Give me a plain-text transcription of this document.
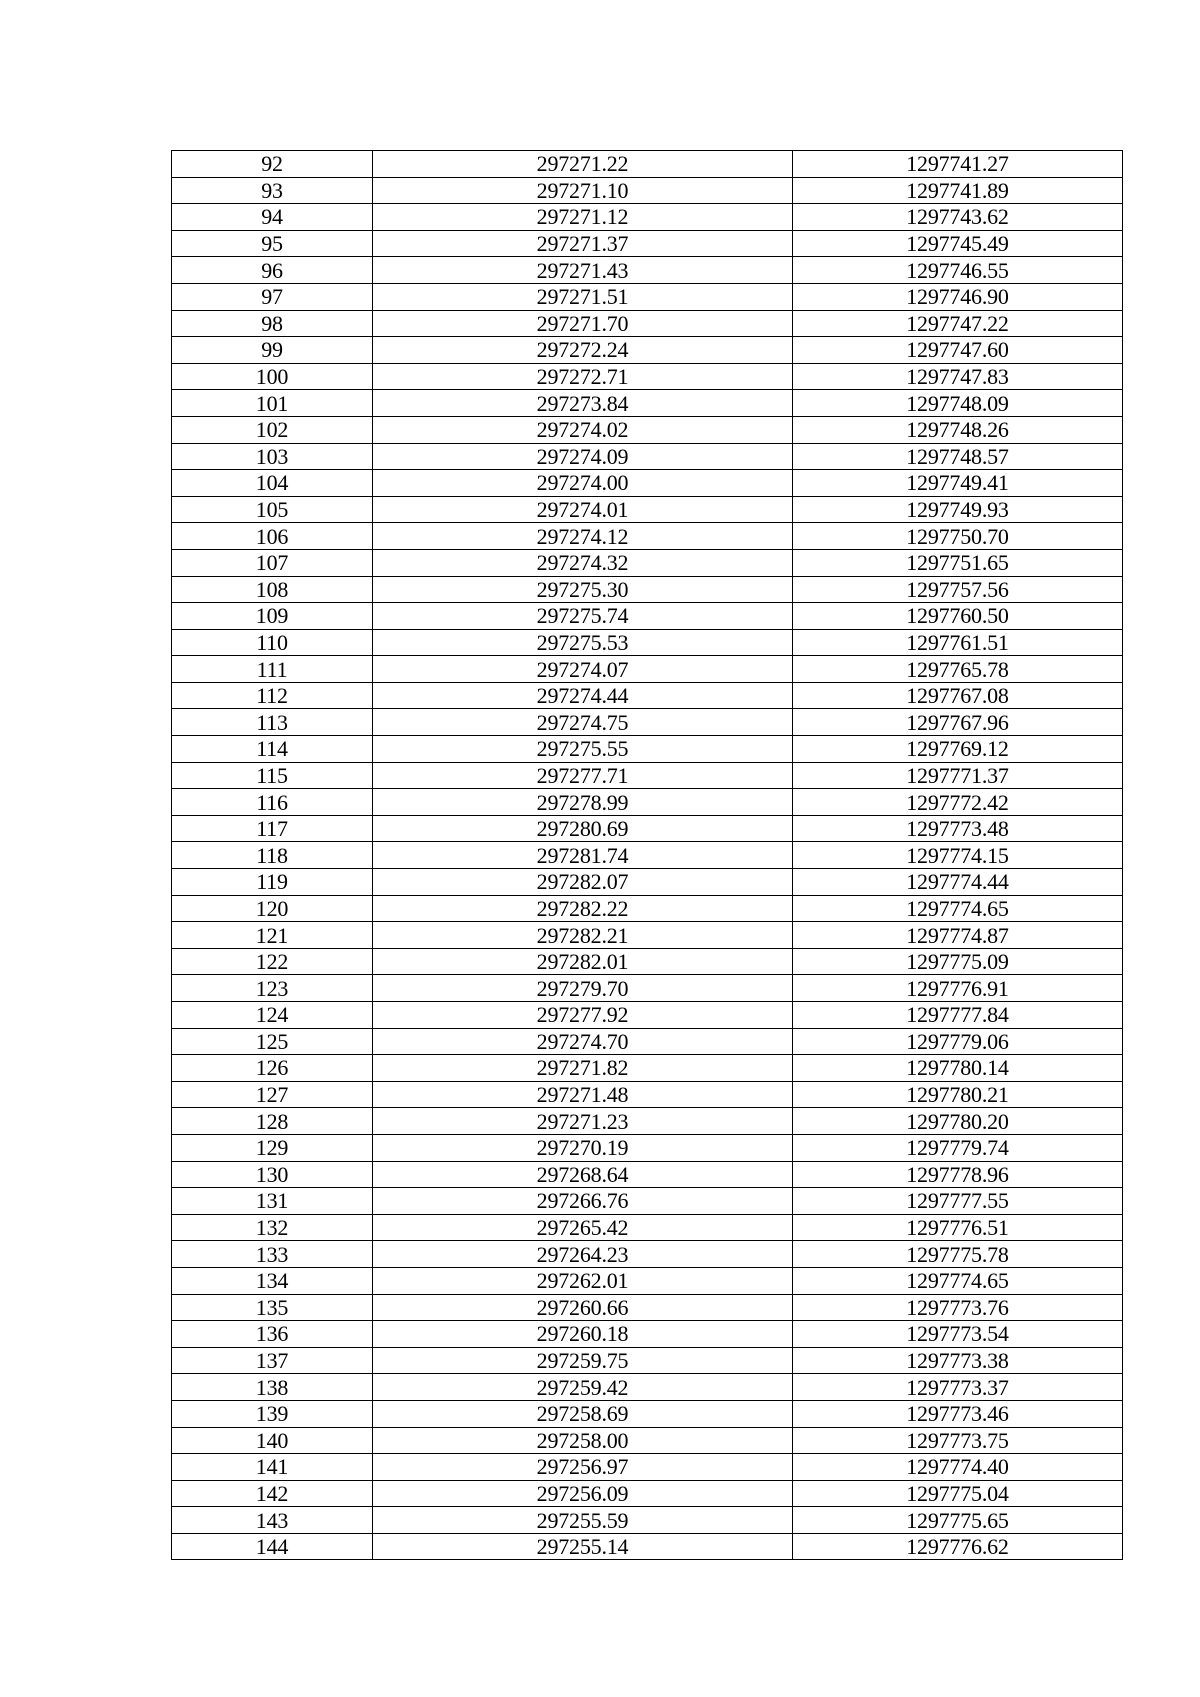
92	297271.22	1297741.27
93	297271.10	1297741.89
94	297271.12	1297743.62
95	297271.37	1297745.49
96	297271.43	1297746.55
97	297271.51	1297746.90
98	297271.70	1297747.22
99	297272.24	1297747.60
100	297272.71	1297747.83
101	297273.84	1297748.09
102	297274.02	1297748.26
103	297274.09	1297748.57
104	297274.00	1297749.41
105	297274.01	1297749.93
106	297274.12	1297750.70
107	297274.32	1297751.65
108	297275.30	1297757.56
109	297275.74	1297760.50
110	297275.53	1297761.51
111	297274.07	1297765.78
112	297274.44	1297767.08
113	297274.75	1297767.96
114	297275.55	1297769.12
115	297277.71	1297771.37
116	297278.99	1297772.42
117	297280.69	1297773.48
118	297281.74	1297774.15
119	297282.07	1297774.44
120	297282.22	1297774.65
121	297282.21	1297774.87
122	297282.01	1297775.09
123	297279.70	1297776.91
124	297277.92	1297777.84
125	297274.70	1297779.06
126	297271.82	1297780.14
127	297271.48	1297780.21
128	297271.23	1297780.20
129	297270.19	1297779.74
130	297268.64	1297778.96
131	297266.76	1297777.55
132	297265.42	1297776.51
133	297264.23	1297775.78
134	297262.01	1297774.65
135	297260.66	1297773.76
136	297260.18	1297773.54
137	297259.75	1297773.38
138	297259.42	1297773.37
139	297258.69	1297773.46
140	297258.00	1297773.75
141	297256.97	1297774.40
142	297256.09	1297775.04
143	297255.59	1297775.65
144	297255.14	1297776.62
